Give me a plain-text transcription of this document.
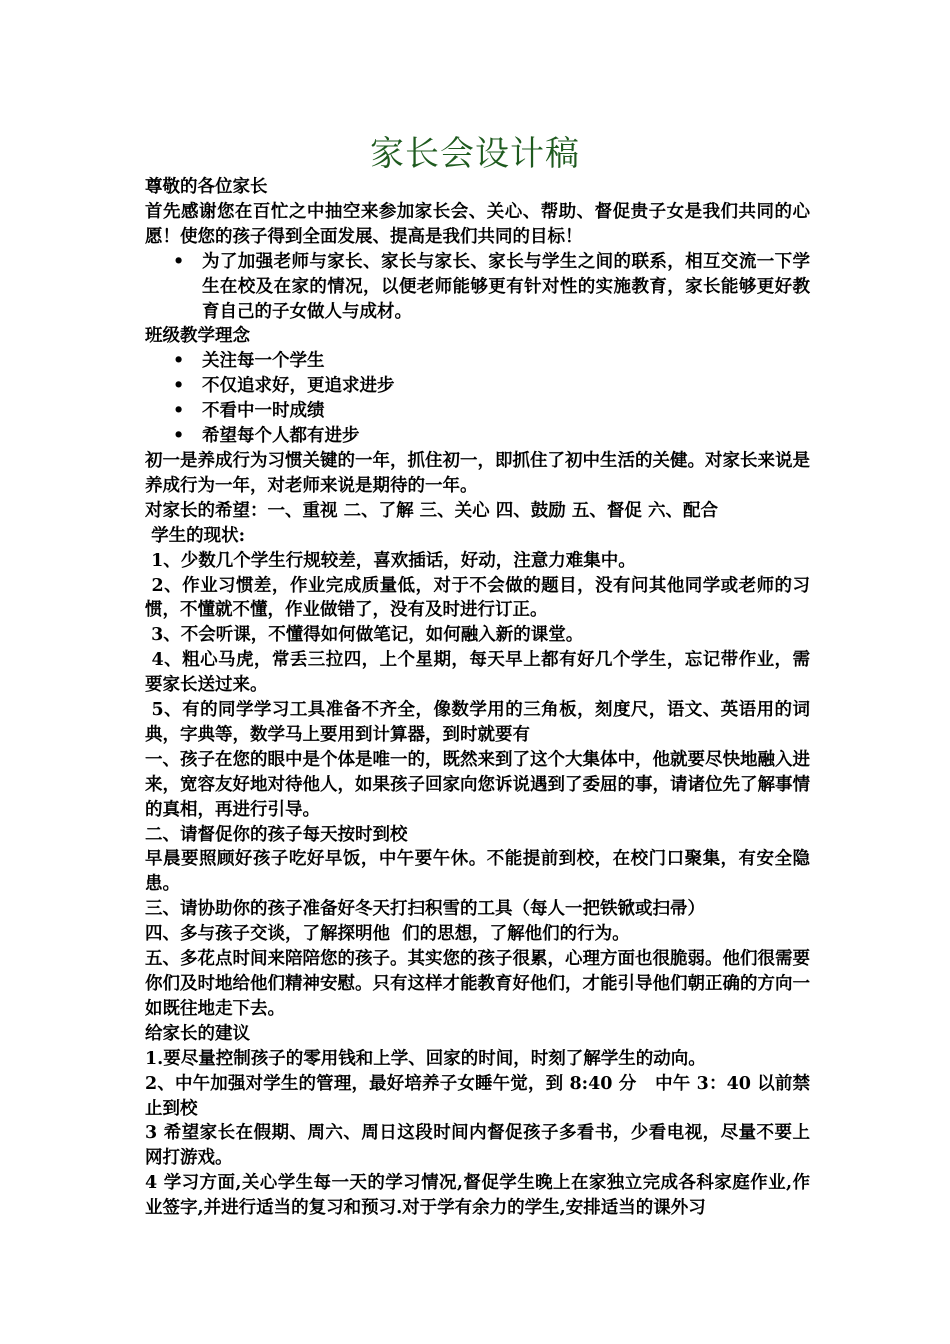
家长会设计稿

尊敬的各位家长

首先感谢您在百忙之中抽空来参加家长会、关心、帮助、督促贵子女是我们共同的心愿！使您的孩子得到全面发展、提高是我们共同的目标！

• 为了加强老师与家长、家长与家长、家长与学生之间的联系，相互交流一下学生在校及在家的情况，以便老师能够更有针对性的实施教育，家长能够更好教育自己的子女做人与成材。

班级教学理念

• 关注每一个学生
• 不仅追求好，更追求进步
• 不看中一时成绩
• 希望每个人都有进步

初一是养成行为习惯关键的一年，抓住初一，即抓住了初中生活的关健。对家长来说是养成行为一年，对老师来说是期待的一年。

对家长的希望：一、重视 二、了解 三、关心 四、鼓励 五、督促 六、配合

学生的现状:

1、少数几个学生行规较差，喜欢插话，好动，注意力难集中。

2、作业习惯差，作业完成质量低，对于不会做的题目，没有问其他同学或老师的习惯，不懂就不懂，作业做错了，没有及时进行订正。

3、不会听课，不懂得如何做笔记，如何融入新的课堂。

4、粗心马虎，常丢三拉四，上个星期，每天早上都有好几个学生，忘记带作业，需要家长送过来。

5、有的同学学习工具准备不齐全，像数学用的三角板，刻度尺，语文、英语用的词典，字典等，数学马上要用到计算器，到时就要有

一、孩子在您的眼中是个体是唯一的，既然来到了这个大集体中，他就要尽快地融入进来，宽容友好地对待他人，如果孩子回家向您诉说遇到了委屈的事，请诸位先了解事情的真相，再进行引导。

二、请督促你的孩子每天按时到校

早晨要照顾好孩子吃好早饭，中午要午休。不能提前到校，在校门口聚集，有安全隐患。

三、请协助你的孩子准备好冬天打扫积雪的工具（每人一把铁锨或扫帚）

四、多与孩子交谈，了解探明他  们的思想，了解他们的行为。

五、多花点时间来陪陪您的孩子。其实您的孩子很累，心理方面也很脆弱。他们很需要你们及时地给他们精神安慰。只有这样才能教育好他们，才能引导他们朝正确的方向一如既往地走下去。

给家长的建议

1.要尽量控制孩子的零用钱和上学、回家的时间，时刻了解学生的动向。

2、中午加强对学生的管理，最好培养子女睡午觉，到 8:40 分   中午 3：40 以前禁止到校

3 希望家长在假期、周六、周日这段时间内督促孩子多看书，少看电视，尽量不要上网打游戏。

4 学习方面,关心学生每一天的学习情况,督促学生晚上在家独立完成各科家庭作业,作业签字,并进行适当的复习和预习.对于学有余力的学生,安排适当的课外习
